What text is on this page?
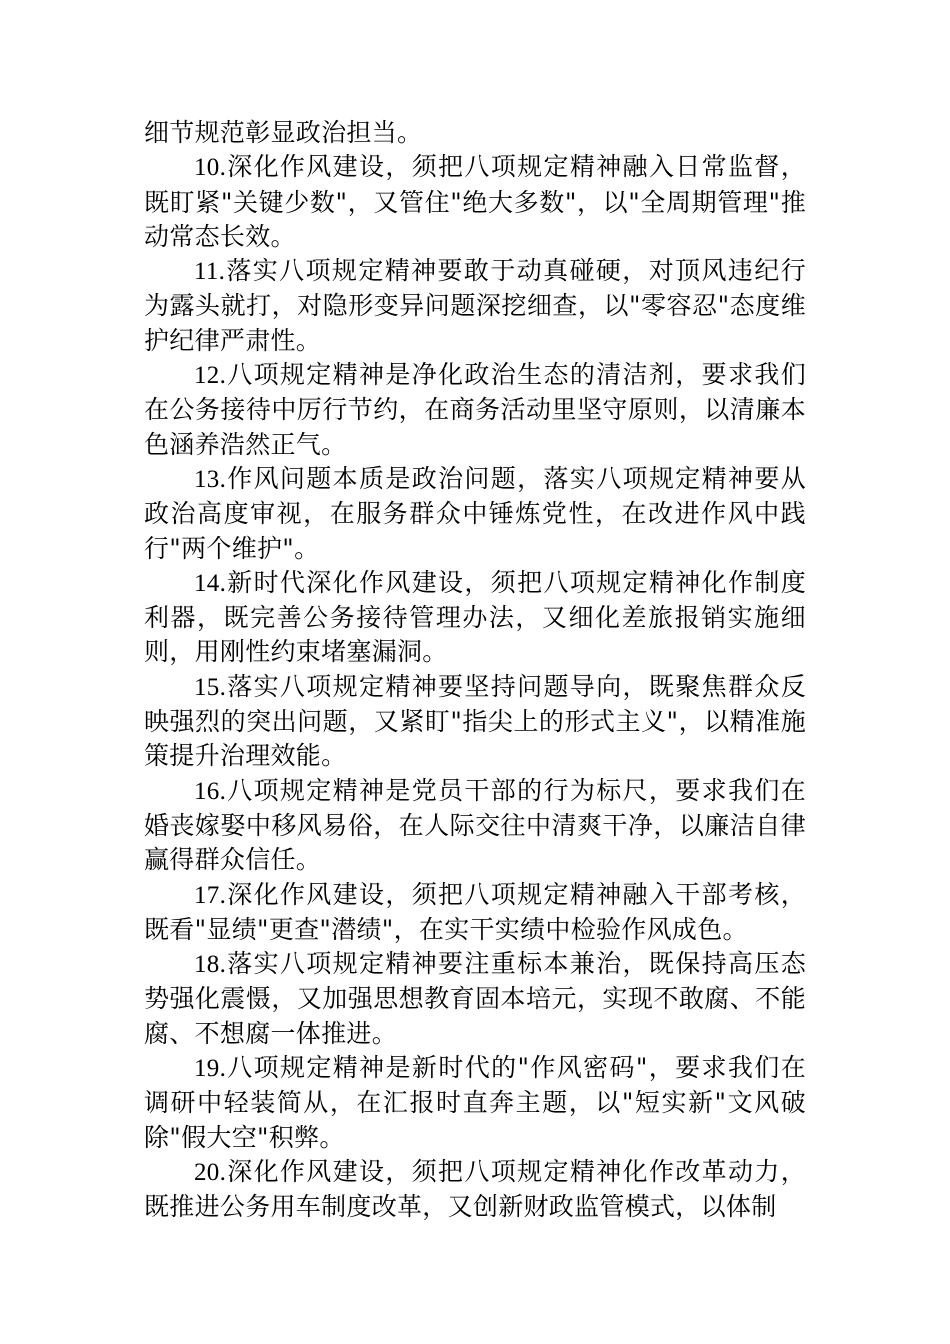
细节规范彰显政治担当。

10.深化作风建设，须把八项规定精神融入日常监督，既盯紧"关键少数"，又管住"绝大多数"，以"全周期管理"推动常态长效。

11.落实八项规定精神要敢于动真碰硬，对顶风违纪行为露头就打，对隐形变异问题深挖细查，以"零容忍"态度维护纪律严肃性。

12.八项规定精神是净化政治生态的清洁剂，要求我们在公务接待中厉行节约，在商务活动里坚守原则，以清廉本色涵养浩然正气。

13.作风问题本质是政治问题，落实八项规定精神要从政治高度审视，在服务群众中锤炼党性，在改进作风中践行"两个维护"。

14.新时代深化作风建设，须把八项规定精神化作制度利器，既完善公务接待管理办法，又细化差旅报销实施细则，用刚性约束堵塞漏洞。

15.落实八项规定精神要坚持问题导向，既聚焦群众反映强烈的突出问题，又紧盯"指尖上的形式主义"，以精准施策提升治理效能。

16.八项规定精神是党员干部的行为标尺，要求我们在婚丧嫁娶中移风易俗，在人际交往中清爽干净，以廉洁自律赢得群众信任。

17.深化作风建设，须把八项规定精神融入干部考核，既看"显绩"更查"潜绩"，在实干实绩中检验作风成色。

18.落实八项规定精神要注重标本兼治，既保持高压态势强化震慑，又加强思想教育固本培元，实现不敢腐、不能腐、不想腐一体推进。

19.八项规定精神是新时代的"作风密码"，要求我们在调研中轻装简从，在汇报时直奔主题，以"短实新"文风破除"假大空"积弊。

20.深化作风建设，须把八项规定精神化作改革动力，既推进公务用车制度改革，又创新财政监管模式，以体制
